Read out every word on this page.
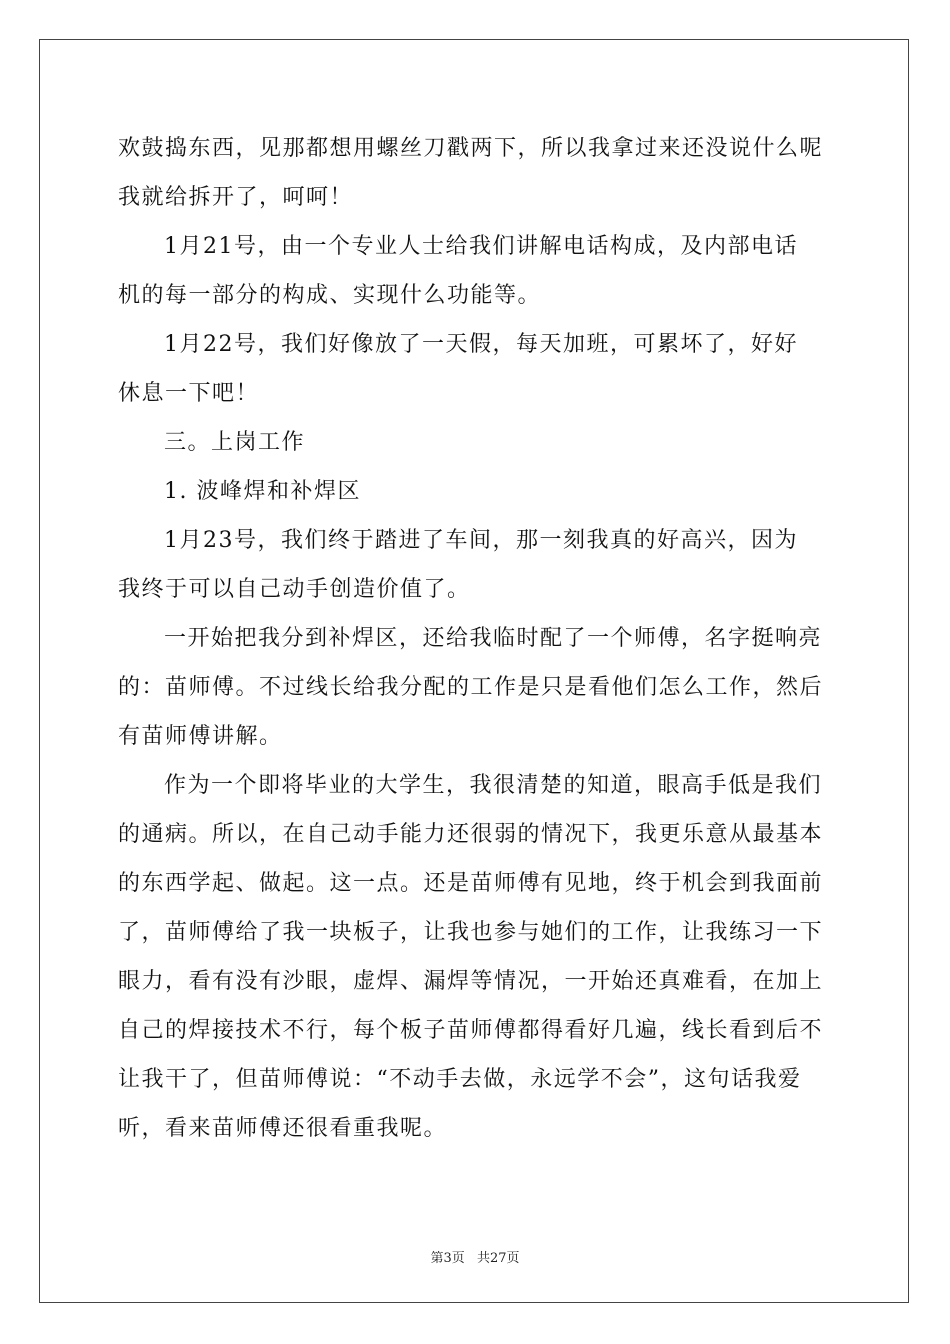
欢鼓捣东西，见那都想用螺丝刀戳两下，所以我拿过来还没说什么呢
我就给拆开了，呵呵！
1月21号，由一个专业人士给我们讲解电话构成，及内部电话
机的每一部分的构成、实现什么功能等。
1月22号，我们好像放了一天假，每天加班，可累坏了，好好
休息一下吧！
三。上岗工作
1. 波峰焊和补焊区
1月23号，我们终于踏进了车间，那一刻我真的好高兴，因为
我终于可以自己动手创造价值了。
一开始把我分到补焊区，还给我临时配了一个师傅，名字挺响亮
的：苗师傅。不过线长给我分配的工作是只是看他们怎么工作，然后
有苗师傅讲解。
作为一个即将毕业的大学生，我很清楚的知道，眼高手低是我们
的通病。所以，在自己动手能力还很弱的情况下，我更乐意从最基本
的东西学起、做起。这一点。还是苗师傅有见地，终于机会到我面前
了，苗师傅给了我一块板子，让我也参与她们的工作，让我练习一下
眼力，看有没有沙眼，虚焊、漏焊等情况，一开始还真难看，在加上
自己的焊接技术不行，每个板子苗师傅都得看好几遍，线长看到后不
让我干了，但苗师傅说：“不动手去做，永远学不会”，这句话我爱
听，看来苗师傅还很看重我呢。
第3页 共27页
